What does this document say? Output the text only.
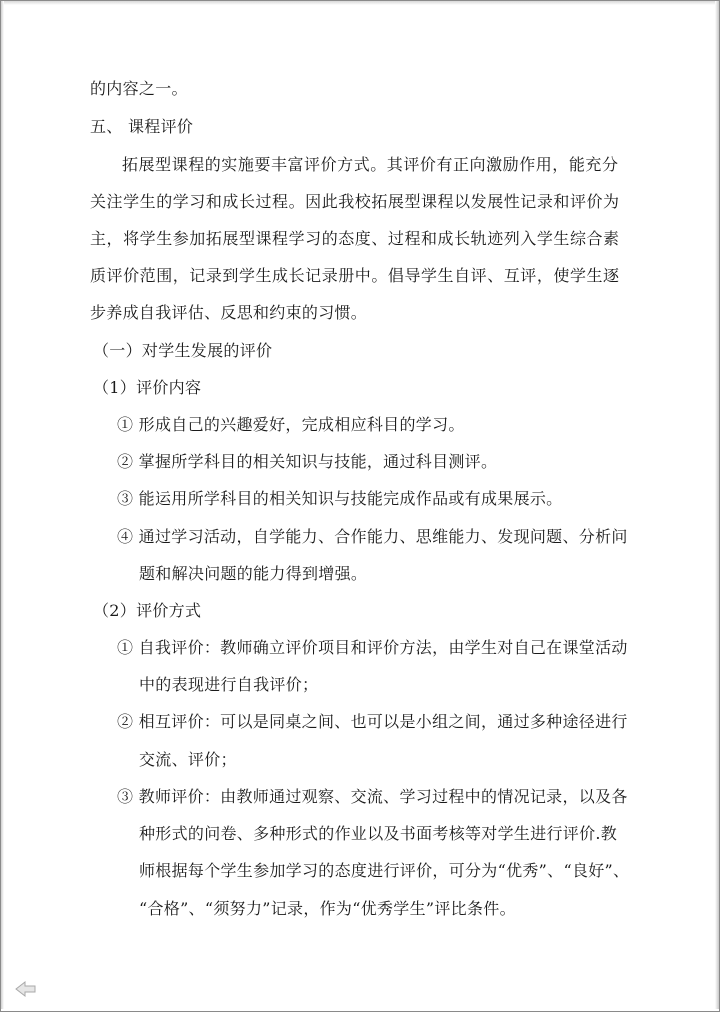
的内容之一。
五、 课程评价
拓展型课程的实施要丰富评价方式。其评价有正向激励作用，能充分
关注学生的学习和成长过程。因此我校拓展型课程以发展性记录和评价为
主，将学生参加拓展型课程学习的态度、过程和成长轨迹列入学生综合素
质评价范围，记录到学生成长记录册中。倡导学生自评、互评，使学生逐
步养成自我评估、反思和约束的习惯。
（一）对学生发展的评价
（1）评价内容
① 形成自己的兴趣爱好，完成相应科目的学习。
② 掌握所学科目的相关知识与技能，通过科目测评。
③ 能运用所学科目的相关知识与技能完成作品或有成果展示。
④ 通过学习活动，自学能力、合作能力、思维能力、发现问题、分析问
题和解决问题的能力得到增强。
（2）评价方式
① 自我评价：教师确立评价项目和评价方法，由学生对自己在课堂活动
中的表现进行自我评价；
② 相互评价：可以是同桌之间、也可以是小组之间，通过多种途径进行
交流、评价；
③ 教师评价：由教师通过观察、交流、学习过程中的情况记录，以及各
种形式的问卷、多种形式的作业以及书面考核等对学生进行评价.教
师根据每个学生参加学习的态度进行评价，可分为“优秀”、“良好”、
“合格”、“须努力”记录，作为“优秀学生”评比条件。
